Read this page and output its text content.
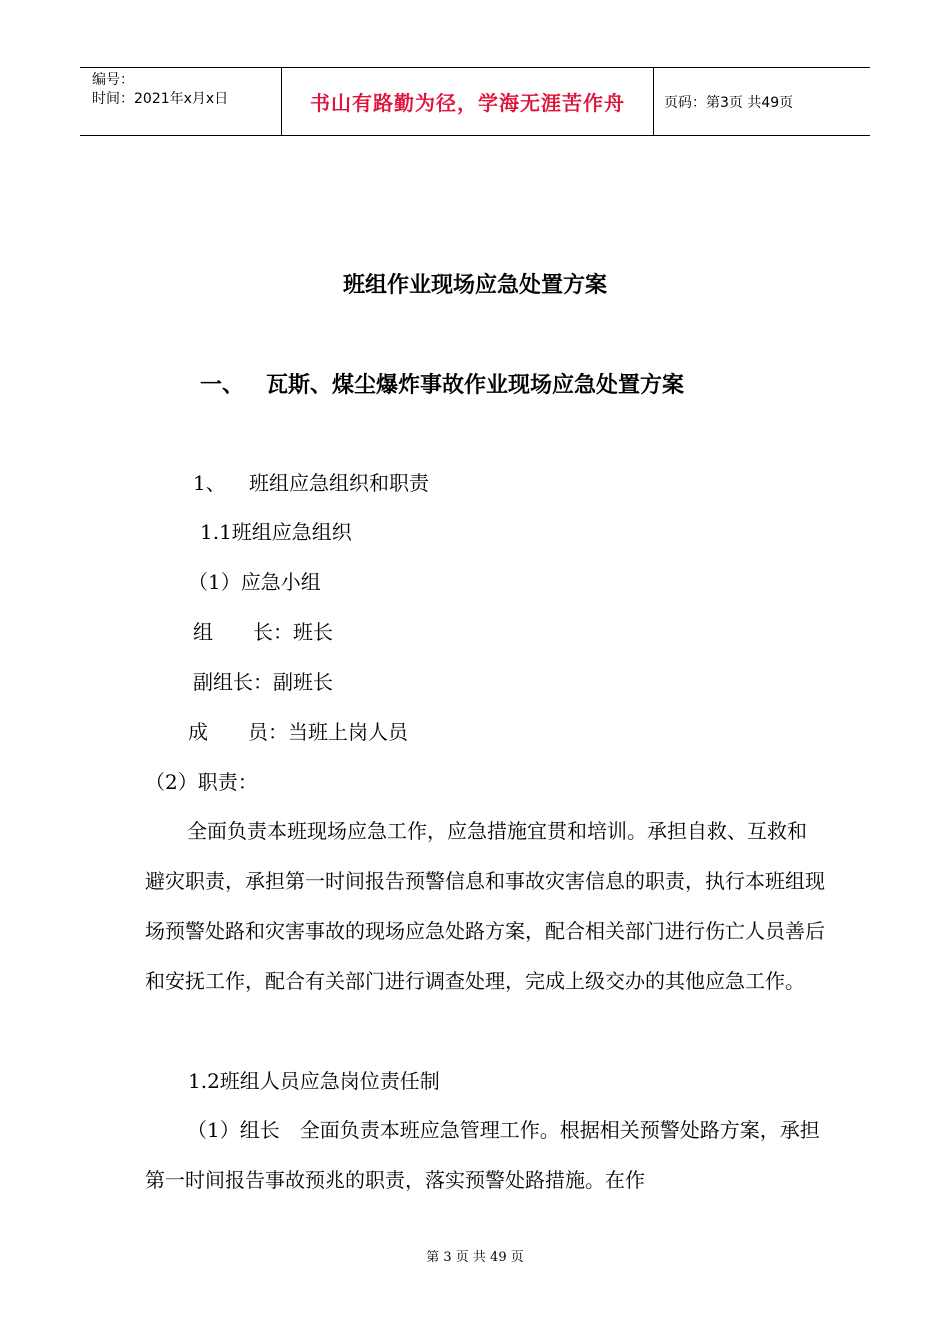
编号：
时间：2021年x月x日	书山有路勤为径，学海无涯苦作舟	页码：第3页 共49页
班组作业现场应急处置方案
一、 瓦斯、煤尘爆炸事故作业现场应急处置方案
1、 班组应急组织和职责
1.1班组应急组织
（1）应急小组
组　　长：班长
副组长：副班长
成　　员：当班上岗人员
（2）职责：
全面负责本班现场应急工作，应急措施宜贯和培训。承担自救、互救和避灾职责，承担第一时间报告预警信息和事故灾害信息的职责，执行本班组现场预警处路和灾害事故的现场应急处路方案，配合相关部门进行伤亡人员善后和安抚工作，配合有关部门进行调查处理，完成上级交办的其他应急工作。
1.2班组人员应急岗位责任制
（1）组长　全面负责本班应急管理工作。根据相关预警处路方案，承担第一时间报告事故预兆的职责，落实预警处路措施。在作
第 3 页 共 49 页
